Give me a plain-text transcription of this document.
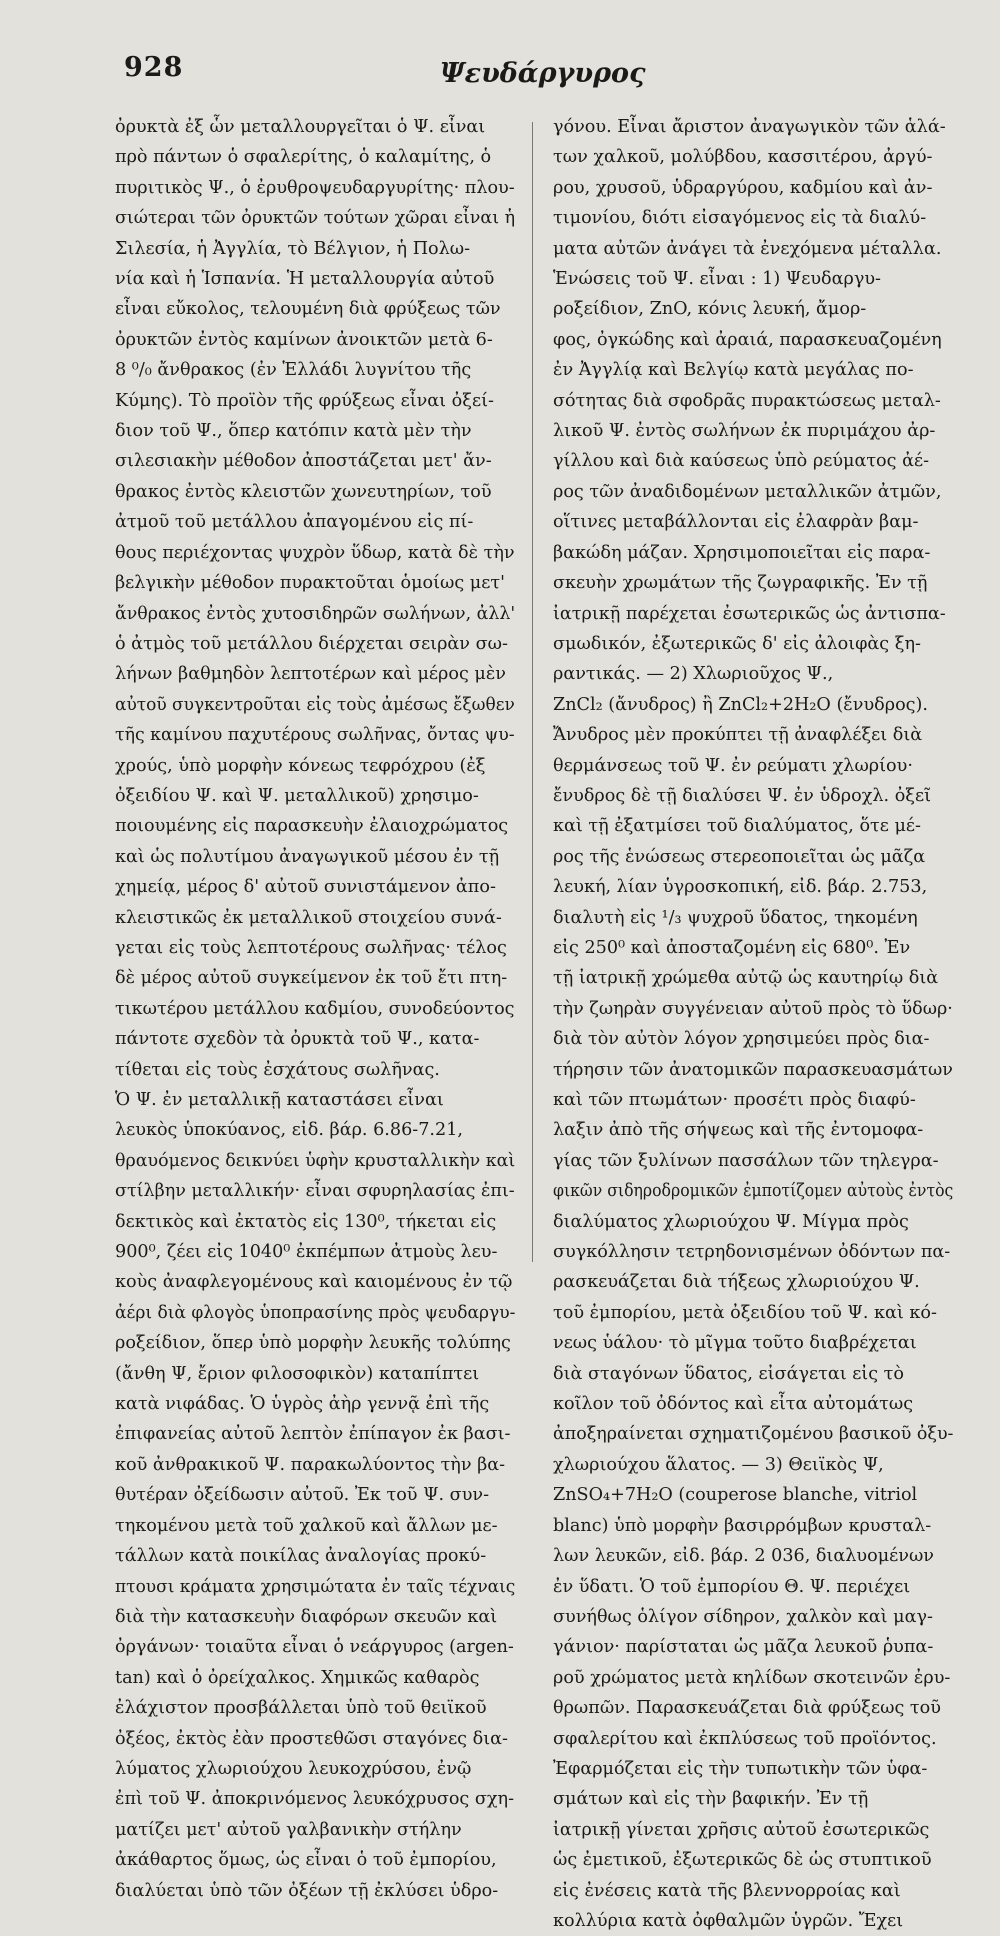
928	Ψευδάργυρος
ὀρυκτὰ ἐξ ὧν μεταλλουργεῖται ὁ Ψ. εἶναι
πρὸ πάντων ὁ σφαλερίτης, ὁ καλαμίτης, ὁ
πυριτικὸς Ψ., ὁ ἐρυθροψευδαργυρίτης· πλου-
σιώτεραι τῶν ὀρυκτῶν τούτων χῶραι εἶναι ἡ
Σιλεσία, ἡ Ἀγγλία, τὸ Βέλγιον, ἡ Πολω-
νία καὶ ἡ Ἱσπανία. Ἡ μεταλλουργία αὐτοῦ
εἶναι εὔκολος, τελουμένη διὰ φρύξεως τῶν
ὀρυκτῶν ἐντὸς καμίνων ἀνοικτῶν μετὰ 6-
8 ⁰/₀ ἄνθρακος (ἐν Ἑλλάδι λυγνίτου τῆς
Κύμης). Τὸ προϊὸν τῆς φρύξεως εἶναι ὀξεί-
διον τοῦ Ψ., ὅπερ κατόπιν κατὰ μὲν τὴν
σιλεσιακὴν μέθοδον ἀποστάζεται μετ' ἄν-
θρακος ἐντὸς κλειστῶν χωνευτηρίων, τοῦ
ἀτμοῦ τοῦ μετάλλου ἀπαγομένου εἰς πί-
θους περιέχοντας ψυχρὸν ὕδωρ, κατὰ δὲ τὴν
βελγικὴν μέθοδον πυρακτοῦται ὁμοίως μετ'
ἄνθρακος ἐντὸς χυτοσιδηρῶν σωλήνων, ἀλλ'
ὁ ἀτμὸς τοῦ μετάλλου διέρχεται σειρὰν σω-
λήνων βαθμηδὸν λεπτοτέρων καὶ μέρος μὲν
αὐτοῦ συγκεντροῦται εἰς τοὺς ἀμέσως ἔξωθεν
τῆς καμίνου παχυτέρους σωλῆνας, ὄντας ψυ-
χρούς, ὑπὸ μορφὴν κόνεως τεφρόχρου (ἐξ
ὀξειδίου Ψ. καὶ Ψ. μεταλλικοῦ) χρησιμο-
ποιουμένης εἰς παρασκευὴν ἐλαιοχρώματος
καὶ ὡς πολυτίμου ἀναγωγικοῦ μέσου ἐν τῇ
χημείᾳ, μέρος δ' αὐτοῦ συνιστάμενον ἀπο-
κλειστικῶς ἐκ μεταλλικοῦ στοιχείου συνά-
γεται εἰς τοὺς λεπτοτέρους σωλῆνας· τέλος
δὲ μέρος αὐτοῦ συγκείμενον ἐκ τοῦ ἔτι πτη-
τικωτέρου μετάλλου καδμίου, συνοδεύοντος
πάντοτε σχεδὸν τὰ ὀρυκτὰ τοῦ Ψ., κατα-
τίθεται εἰς τοὺς ἐσχάτους σωλῆνας.
Ὁ Ψ. ἐν μεταλλικῇ καταστάσει εἶναι
λευκὸς ὑποκύανος, εἰδ. βάρ. 6.86-7.21,
θραυόμενος δεικνύει ὑφὴν κρυσταλλικὴν καὶ
στίλβην μεταλλικήν· εἶναι σφυρηλασίας ἐπι-
δεκτικὸς καὶ ἐκτατὸς εἰς 130⁰, τήκεται εἰς
900⁰, ζέει εἰς 1040⁰ ἐκπέμπων ἀτμοὺς λευ-
κοὺς ἀναφλεγομένους καὶ καιομένους ἐν τῷ
ἀέρι διὰ φλογὸς ὑποπρασίνης πρὸς ψευδαργυ-
ροξείδιον, ὅπερ ὑπὸ μορφὴν λευκῆς τολύπης
(ἄνθη Ψ, ἔριον φιλοσοφικὸν) καταπίπτει
κατὰ νιφάδας. Ὁ ὑγρὸς ἀὴρ γεννᾷ ἐπὶ τῆς
ἐπιφανείας αὐτοῦ λεπτὸν ἐπίπαγον ἐκ βασι-
κοῦ ἀνθρακικοῦ Ψ. παρακωλύοντος τὴν βα-
θυτέραν ὀξείδωσιν αὐτοῦ. Ἐκ τοῦ Ψ. συν-
τηκομένου μετὰ τοῦ χαλκοῦ καὶ ἄλλων με-
τάλλων κατὰ ποικίλας ἀναλογίας προκύ-
πτουσι κράματα χρησιμώτατα ἐν ταῖς τέχναις
διὰ τὴν κατασκευὴν διαφόρων σκευῶν καὶ
ὀργάνων· τοιαῦτα εἶναι ὁ νεάργυρος (argen-
tan) καὶ ὁ ὀρείχαλκος. Χημικῶς καθαρὸς
ἐλάχιστον προσβάλλεται ὑπὸ τοῦ θειϊκοῦ
ὀξέος, ἐκτὸς ἐὰν προστεθῶσι σταγόνες δια-
λύματος χλωριούχου λευκοχρύσου, ἐνῷ
ἐπὶ τοῦ Ψ. ἀποκρινόμενος λευκόχρυσος σχη-
ματίζει μετ' αὐτοῦ γαλβανικὴν στήλην
ἀκάθαρτος ὅμως, ὡς εἶναι ὁ τοῦ ἐμπορίου,
διαλύεται ὑπὸ τῶν ὀξέων τῇ ἐκλύσει ὑδρο-
γόνου. Εἶναι ἄριστον ἀναγωγικὸν τῶν ἁλά-
των χαλκοῦ, μολύβδου, κασσιτέρου, ἀργύ-
ρου, χρυσοῦ, ὑδραργύρου, καδμίου καὶ ἀν-
τιμονίου, διότι εἰσαγόμενος εἰς τὰ διαλύ-
ματα αὐτῶν ἀνάγει τὰ ἐνεχόμενα μέταλλα.
Ἑνώσεις τοῦ Ψ. εἶναι : 1) Ψευδαργυ-
ροξείδιον, ZnO, κόνις λευκή, ἄμορ-
φος, ὀγκώδης καὶ ἀραιά, παρασκευαζομένη
ἐν Ἀγγλίᾳ καὶ Βελγίῳ κατὰ μεγάλας πο-
σότητας διὰ σφοδρᾶς πυρακτώσεως μεταλ-
λικοῦ Ψ. ἐντὸς σωλήνων ἐκ πυριμάχου ἀρ-
γίλλου καὶ διὰ καύσεως ὑπὸ ρεύματος ἀέ-
ρος τῶν ἀναδιδομένων μεταλλικῶν ἀτμῶν,
οἵτινες μεταβάλλονται εἰς ἐλαφρὰν βαμ-
βακώδη μάζαν. Χρησιμοποιεῖται εἰς παρα-
σκευὴν χρωμάτων τῆς ζωγραφικῆς. Ἐν τῇ
ἰατρικῇ παρέχεται ἐσωτερικῶς ὡς ἀντισπα-
σμωδικόν, ἐξωτερικῶς δ' εἰς ἀλοιφὰς ξη-
ραντικάς. — 2) Χλωριοῦχος Ψ.,
ZnCl₂ (ἄνυδρος) ἢ ZnCl₂+2H₂O (ἔνυδρος).
Ἄνυδρος μὲν προκύπτει τῇ ἀναφλέξει διὰ
θερμάνσεως τοῦ Ψ. ἐν ρεύματι χλωρίου·
ἔνυδρος δὲ τῇ διαλύσει Ψ. ἐν ὑδροχλ. ὀξεῖ
καὶ τῇ ἐξατμίσει τοῦ διαλύματος, ὅτε μέ-
ρος τῆς ἑνώσεως στερεοποιεῖται ὡς μᾶζα
λευκή, λίαν ὑγροσκοπική, εἰδ. βάρ. 2.753,
διαλυτὴ εἰς ¹/₃ ψυχροῦ ὕδατος, τηκομένη
εἰς 250⁰ καὶ ἀποσταζομένη εἰς 680⁰. Ἐν
τῇ ἰατρικῇ χρώμεθα αὐτῷ ὡς καυτηρίῳ διὰ
τὴν ζωηρὰν συγγένειαν αὐτοῦ πρὸς τὸ ὕδωρ·
διὰ τὸν αὐτὸν λόγον χρησιμεύει πρὸς δια-
τήρησιν τῶν ἀνατομικῶν παρασκευασμάτων
καὶ τῶν πτωμάτων· προσέτι πρὸς διαφύ-
λαξιν ἀπὸ τῆς σήψεως καὶ τῆς ἐντομοφα-
γίας τῶν ξυλίνων πασσάλων τῶν τηλεγρα-
φικῶν σιδηροδρομικῶν ἐμποτίζομεν αὐτοὺς ἐντὸς
διαλύματος χλωριούχου Ψ. Μίγμα πρὸς
συγκόλλησιν τετρηδονισμένων ὀδόντων πα-
ρασκευάζεται διὰ τήξεως χλωριούχου Ψ.
τοῦ ἐμπορίου, μετὰ ὀξειδίου τοῦ Ψ. καὶ κό-
νεως ὑάλου· τὸ μῖγμα τοῦτο διαβρέχεται
διὰ σταγόνων ὕδατος, εἰσάγεται εἰς τὸ
κοῖλον τοῦ ὀδόντος καὶ εἶτα αὐτομάτως
ἀποξηραίνεται σχηματιζομένου βασικοῦ ὀξυ-
χλωριούχου ἅλατος. — 3) Θειϊκὸς Ψ,
ZnSO₄+7H₂O (couperose blanche, vitriol
blanc) ὑπὸ μορφὴν βασιρρόμβων κρυσταλ-
λων λευκῶν, εἰδ. βάρ. 2 036, διαλυομένων
ἐν ὕδατι. Ὁ τοῦ ἐμπορίου Θ. Ψ. περιέχει
συνήθως ὁλίγον σίδηρον, χαλκὸν καὶ μαγ-
γάνιον· παρίσταται ὡς μᾶζα λευκοῦ ῥυπα-
ροῦ χρώματος μετὰ κηλίδων σκοτεινῶν ἐρυ-
θρωπῶν. Παρασκευάζεται διὰ φρύξεως τοῦ
σφαλερίτου καὶ ἐκπλύσεως τοῦ προϊόντος.
Ἐφαρμόζεται εἰς τὴν τυπωτικὴν τῶν ὑφα-
σμάτων καὶ εἰς τὴν βαφικήν. Ἐν τῇ
ἰατρικῇ γίνεται χρῆσις αὐτοῦ ἐσωτερικῶς
ὡς ἐμετικοῦ, ἐξωτερικῶς δὲ ὡς στυπτικοῦ
εἰς ἐνέσεις κατὰ τῆς βλεννορροίας καὶ
κολλύρια κατὰ ὀφθαλμῶν ὑγρῶν. Ἔχει
